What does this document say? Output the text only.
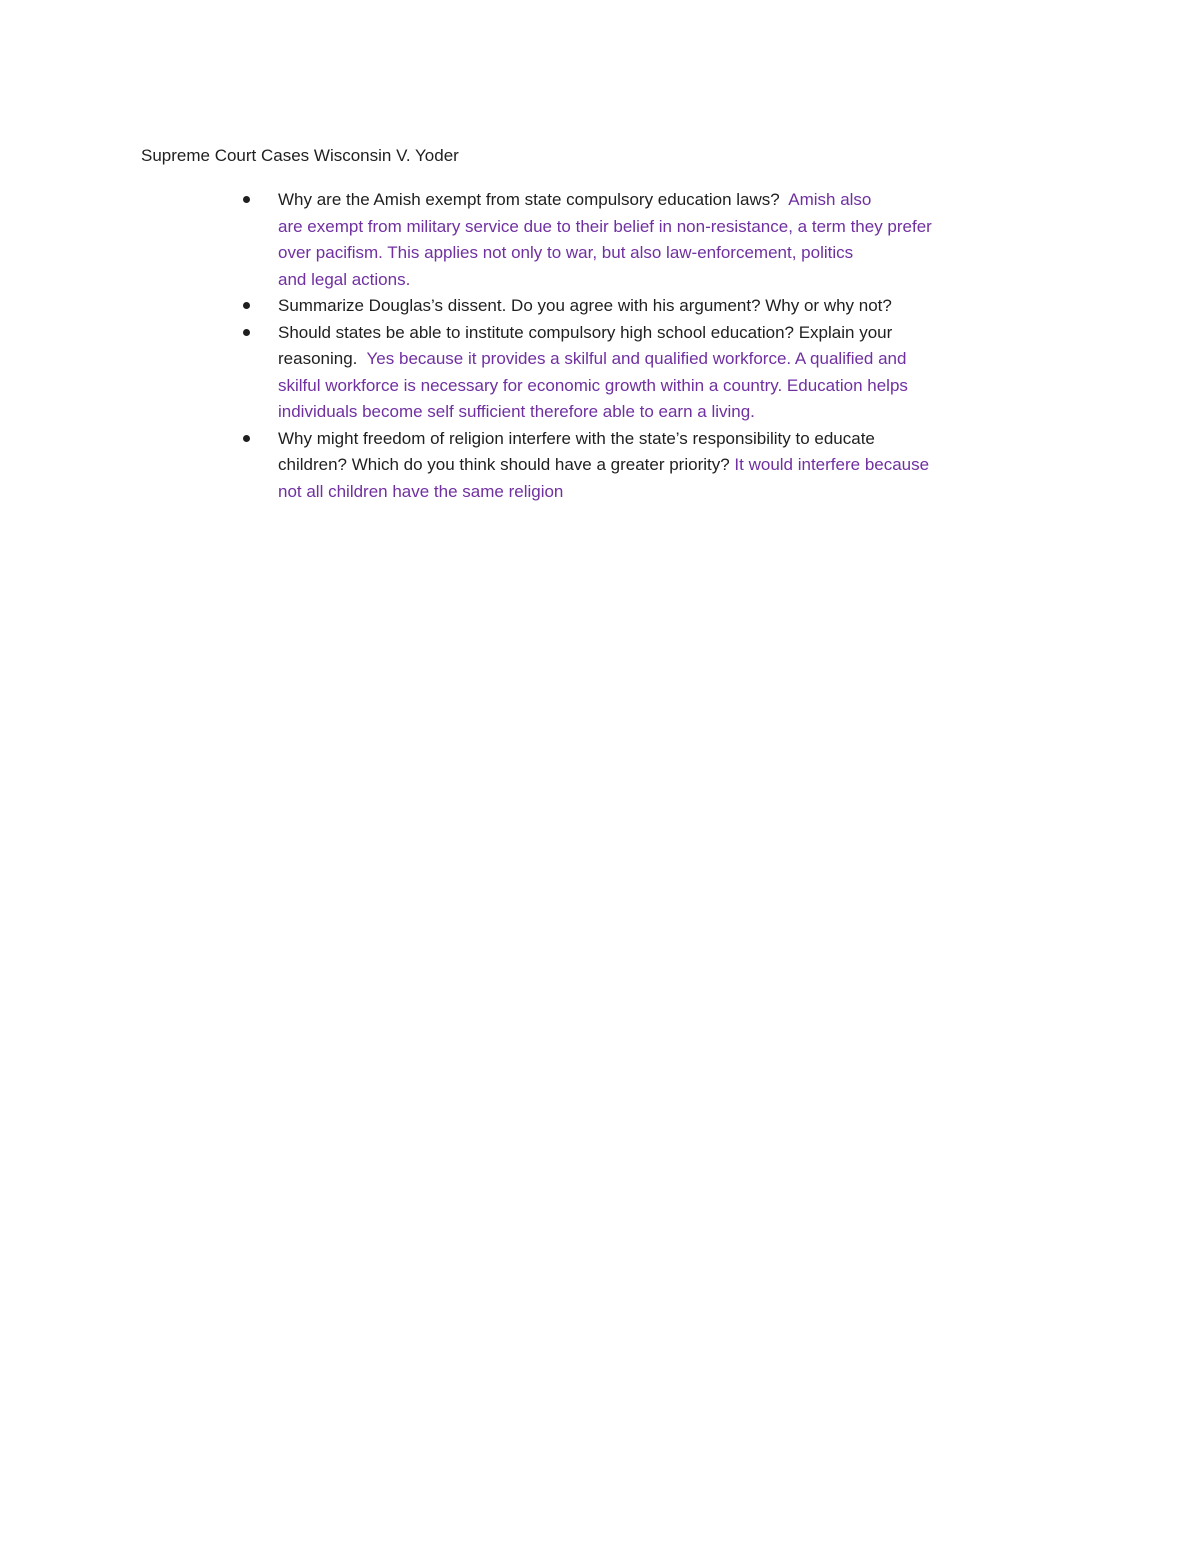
Supreme Court Cases Wisconsin V. Yoder
Why are the Amish exempt from state compulsory education laws?  Amish also
are exempt from military service due to their belief in non-resistance, a term they prefer
over pacifism. This applies not only to war, but also law-enforcement, politics
and legal actions.
Summarize Douglas’s dissent. Do you agree with his argument? Why or why not?
Should states be able to institute compulsory high school education? Explain your
reasoning.  Yes because it provides a skilful and qualified workforce. A qualified and
skilful workforce is necessary for economic growth within a country. Education helps
individuals become self sufficient therefore able to earn a living.
Why might freedom of religion interfere with the state’s responsibility to educate
children? Which do you think should have a greater priority? It would interfere because
not all children have the same religion
